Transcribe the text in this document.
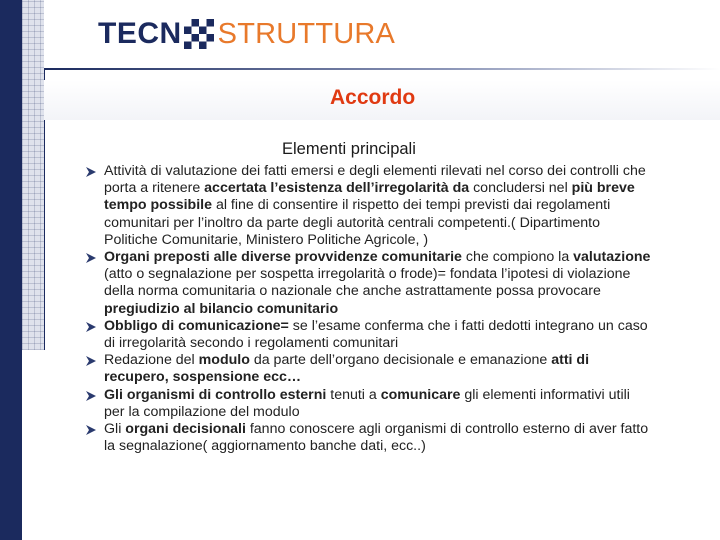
TECN STRUTTURA
Accordo
Elementi principali
Attività di valutazione dei fatti emersi e degli elementi rilevati nel corso dei controlli che porta a ritenere accertata l’esistenza dell’irregolarità da concludersi nel più breve tempo possibile al fine di consentire il rispetto dei tempi previsti dai regolamenti comunitari per l’inoltro da parte degli autorità centrali competenti.( Dipartimento Politiche Comunitarie, Ministero Politiche Agricole, )
Organi preposti alle diverse provvidenze comunitarie che compiono la valutazione (atto o segnalazione per sospetta irregolarità o frode)= fondata l’ipotesi di violazione della norma comunitaria o nazionale che anche astrattamente possa provocare pregiudizio al bilancio comunitario
Obbligo di comunicazione= se l’esame conferma che i fatti dedotti integrano un caso di irregolarità secondo i regolamenti comunitari
Redazione del modulo da parte dell’organo decisionale e emanazione atti di recupero, sospensione ecc…
Gli organismi di controllo esterni tenuti a comunicare gli elementi informativi utili per la compilazione del modulo
Gli organi decisionali fanno conoscere agli organismi di controllo esterno di aver fatto la segnalazione( aggiornamento banche dati, ecc..)
